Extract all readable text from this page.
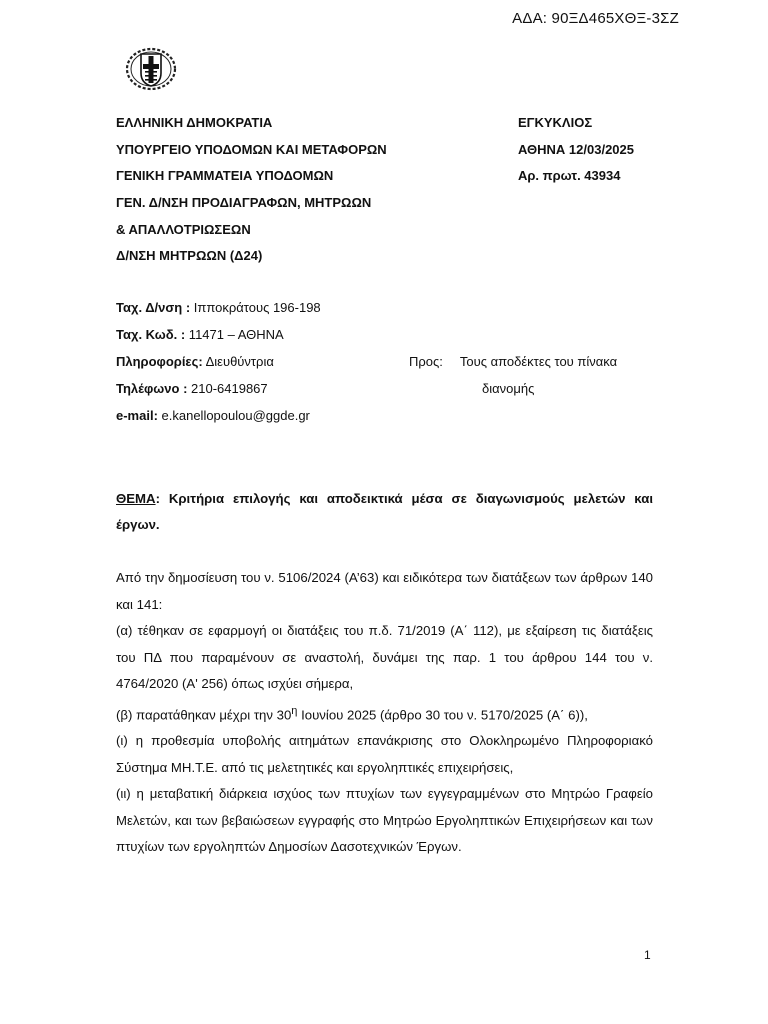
ΑΔΑ: 90ΞΔ465ΧΘΞ-3ΣΖ
ΕΛΛΗΝΙΚΗ ΔΗΜΟΚΡΑΤΙΑ
ΥΠΟΥΡΓΕΙΟ ΥΠΟΔΟΜΩΝ ΚΑΙ ΜΕΤΑΦΟΡΩΝ
ΓΕΝΙΚΗ ΓΡΑΜΜΑΤΕΙΑ ΥΠΟΔΟΜΩΝ
ΓΕΝ. Δ/ΝΣΗ ΠΡΟΔΙΑΓΡΑΦΩΝ, ΜΗΤΡΩΩΝ
& ΑΠΑΛΛΟΤΡΙΩΣΕΩΝ
Δ/ΝΣΗ ΜΗΤΡΩΩΝ (Δ24)
ΕΓΚΥΚΛΙΟΣ
ΑΘΗΝΑ 12/03/2025
Αρ. πρωτ. 43934
Ταχ. Δ/νση : Ιπποκράτους 196-198
Ταχ. Κωδ. : 11471 – ΑΘΗΝΑ
Πληροφορίες: Διευθύντρια
Τηλέφωνο : 210-6419867
e-mail: e.kanellopoulou@ggde.gr
Προς: Τους αποδέκτες του πίνακα
διανομής
ΘΕΜΑ: Κριτήρια επιλογής και αποδεικτικά μέσα σε διαγωνισμούς μελετών και έργων.

Από την δημοσίευση του ν. 5106/2024 (Α’63) και ειδικότερα των διατάξεων των άρθρων 140 και 141:

(α) τέθηκαν σε εφαρμογή οι διατάξεις του π.δ. 71/2019 (Α΄ 112), με εξαίρεση τις διατάξεις του ΠΔ που παραμένουν σε αναστολή, δυνάμει της παρ. 1 του άρθρου 144 του ν. 4764/2020 (Α' 256) όπως ισχύει σήμερα,

(β) παρατάθηκαν μέχρι την $30^\eta$ Ιουνίου 2025 (άρθρο 30 του ν. 5170/2025 (Α΄ 6)),

(ι) η προθεσμία υποβολής αιτημάτων επανάκρισης στο Ολοκληρωμένο Πληροφοριακό Σύστημα ΜΗ.Τ.Ε. από τις μελετητικές και εργοληπτικές επιχειρήσεις,

(ιι) η μεταβατική διάρκεια ισχύος των πτυχίων των εγγεγραμμένων στο Μητρώο Γραφείο Μελετών, και των βεβαιώσεων εγγραφής στο Μητρώο Εργοληπτικών Επιχειρήσεων και των πτυχίων των εργοληπτών Δημοσίων Δασοτεχνικών Έργων.

1
